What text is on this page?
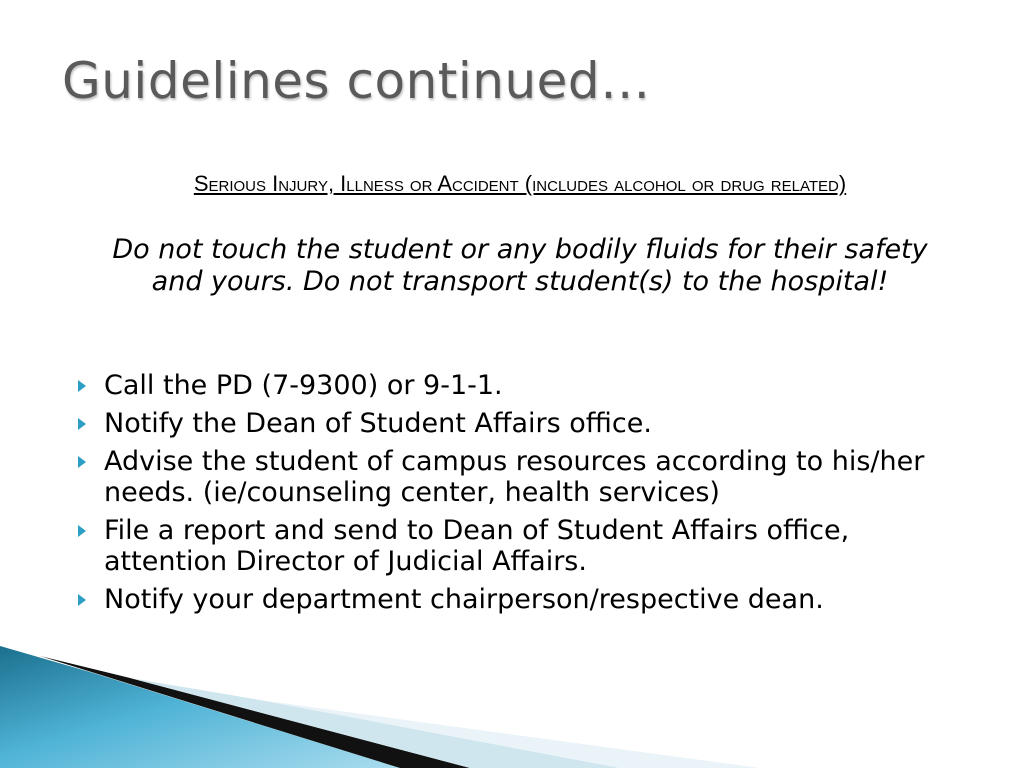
Guidelines continued…
Serious Injury, Illness or Accident (includes alcohol or drug related)
Do not touch the student or any bodily fluids for their safety and yours. Do not transport student(s) to the hospital!
Call the PD (7-9300) or 9-1-1.
Notify the Dean of Student Affairs office.
Advise the student of campus resources according to his/her needs. (ie/counseling center, health services)
File a report and send to Dean of Student Affairs office, attention Director of Judicial Affairs.
Notify your department chairperson/respective dean.
